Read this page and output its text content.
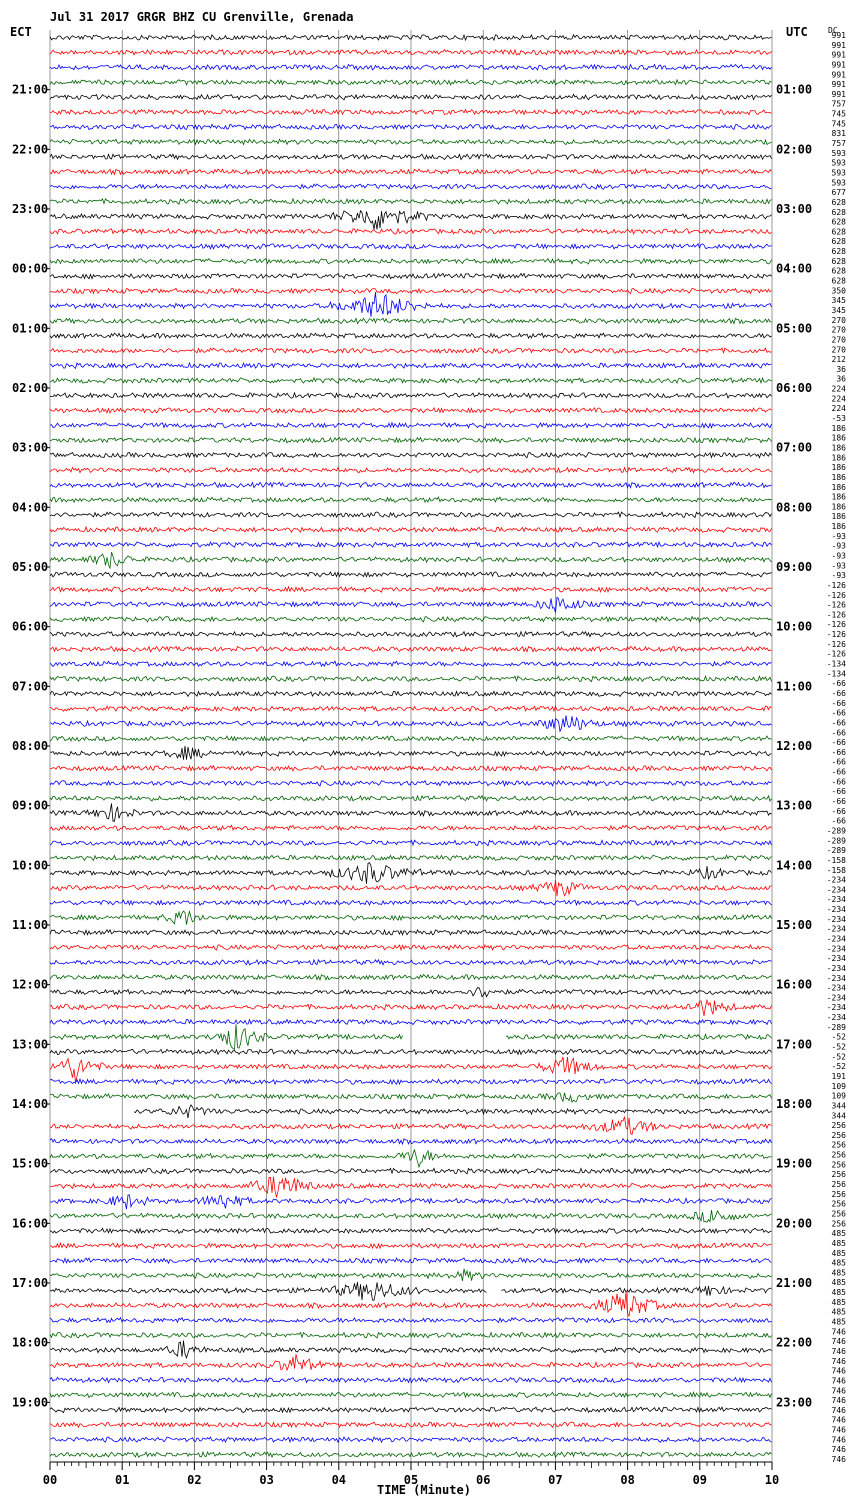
Jul 31 2017 GRGR BHZ CU Grenville, Grenada
ECT	UTC	DC
21:00
22:00
23:00
00:00
01:00
02:00
03:00
04:00
05:00
06:00
07:00
08:00
09:00
10:00
11:00
12:00
13:00
14:00
15:00
16:00
17:00
18:00
19:00
01:00
02:00
03:00
04:00
05:00
06:00
07:00
08:00
09:00
10:00
11:00
12:00
13:00
14:00
15:00
16:00
17:00
18:00
19:00
20:00
21:00
22:00
23:00
991
991
991
991
991
991
991
757
745
745
831
757
593
593
593
593
677
628
628
628
628
628
628
628
628
628
350
345
345
270
270
270
270
212
36
36
224
224
224
-53
186
186
186
186
186
186
186
186
186
186
186
-93
-93
-93
-93
-93
-126
-126
-126
-126
-126
-126
-126
-126
-134
-134
-66
-66
-66
-66
-66
-66
-66
-66
-66
-66
-66
-66
-66
-66
-66
-289
-289
-289
-158
-158
-234
-234
-234
-234
-234
-234
-234
-234
-234
-234
-234
-234
-234
-234
-234
-289
-52
-52
-52
-52
191
109
109
344
344
256
256
256
256
256
256
256
256
256
256
256
485
485
485
485
485
485
485
485
485
485
746
746
746
746
746
746
746
746
746
746
746
746
746
746
00	01	02	03	04	05	06	07	08	09	10
TIME (Minute)
